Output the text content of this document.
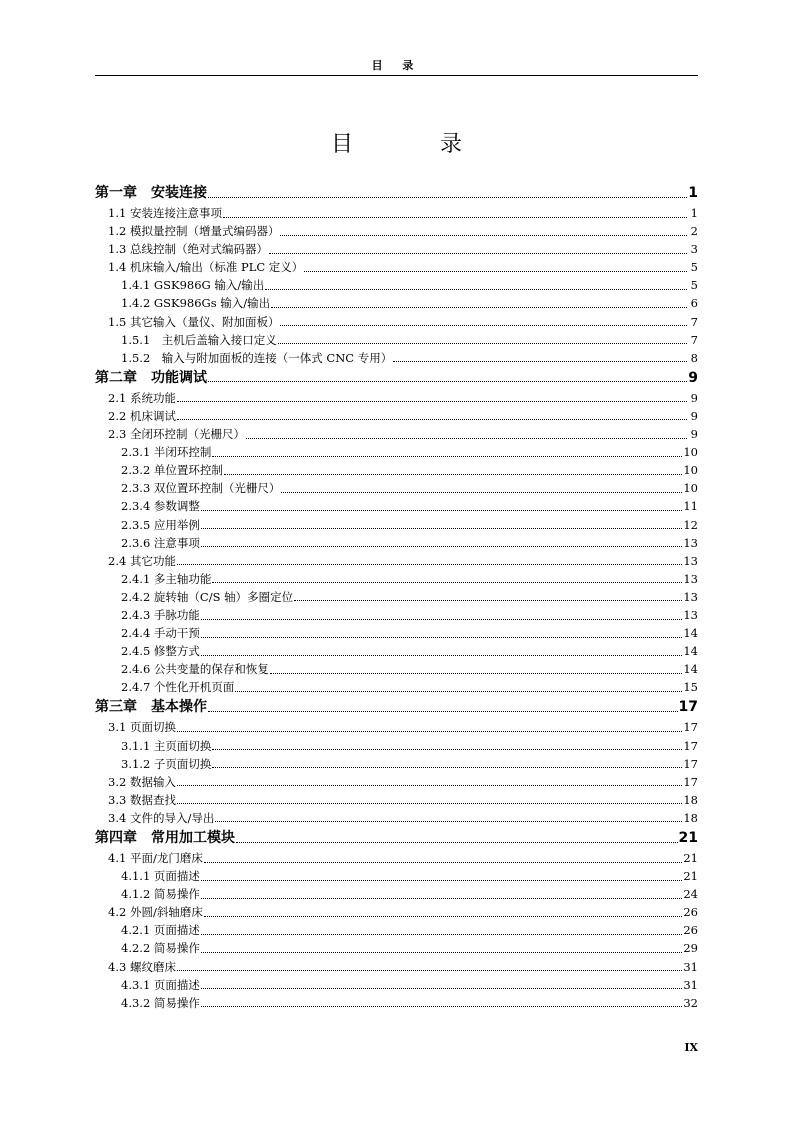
目 录
目 录
第一章　安装连接	1
1.1 安装连接注意事项	1
1.2 模拟量控制（增量式编码器）	2
1.3 总线控制（绝对式编码器）	3
1.4 机床输入/输出（标准 PLC 定义）	5
1.4.1 GSK986G 输入/输出	5
1.4.2 GSK986Gs 输入/输出	6
1.5 其它输入（量仪、附加面板）	7
1.5.1　主机后盖输入接口定义	7
1.5.2　输入与附加面板的连接（一体式 CNC 专用）	8
第二章　功能调试	9
2.1 系统功能	9
2.2 机床调试	9
2.3 全闭环控制（光栅尺）	9
2.3.1 半闭环控制	10
2.3.2 单位置环控制	10
2.3.3 双位置环控制（光栅尺）	10
2.3.4 参数调整	11
2.3.5 应用举例	12
2.3.6 注意事项	13
2.4 其它功能	13
2.4.1 多主轴功能	13
2.4.2 旋转轴（C/S 轴）多圈定位	13
2.4.3 手脉功能	13
2.4.4 手动干预	14
2.4.5 修整方式	14
2.4.6 公共变量的保存和恢复	14
2.4.7 个性化开机页面	15
第三章　基本操作	17
3.1 页面切换	17
3.1.1 主页面切换	17
3.1.2 子页面切换	17
3.2 数据输入	17
3.3 数据查找	18
3.4 文件的导入/导出	18
第四章　常用加工模块	21
4.1 平面/龙门磨床	21
4.1.1 页面描述	21
4.1.2 简易操作	24
4.2 外圆/斜轴磨床	26
4.2.1 页面描述	26
4.2.2 简易操作	29
4.3 螺纹磨床	31
4.3.1 页面描述	31
4.3.2 简易操作	32
IX
